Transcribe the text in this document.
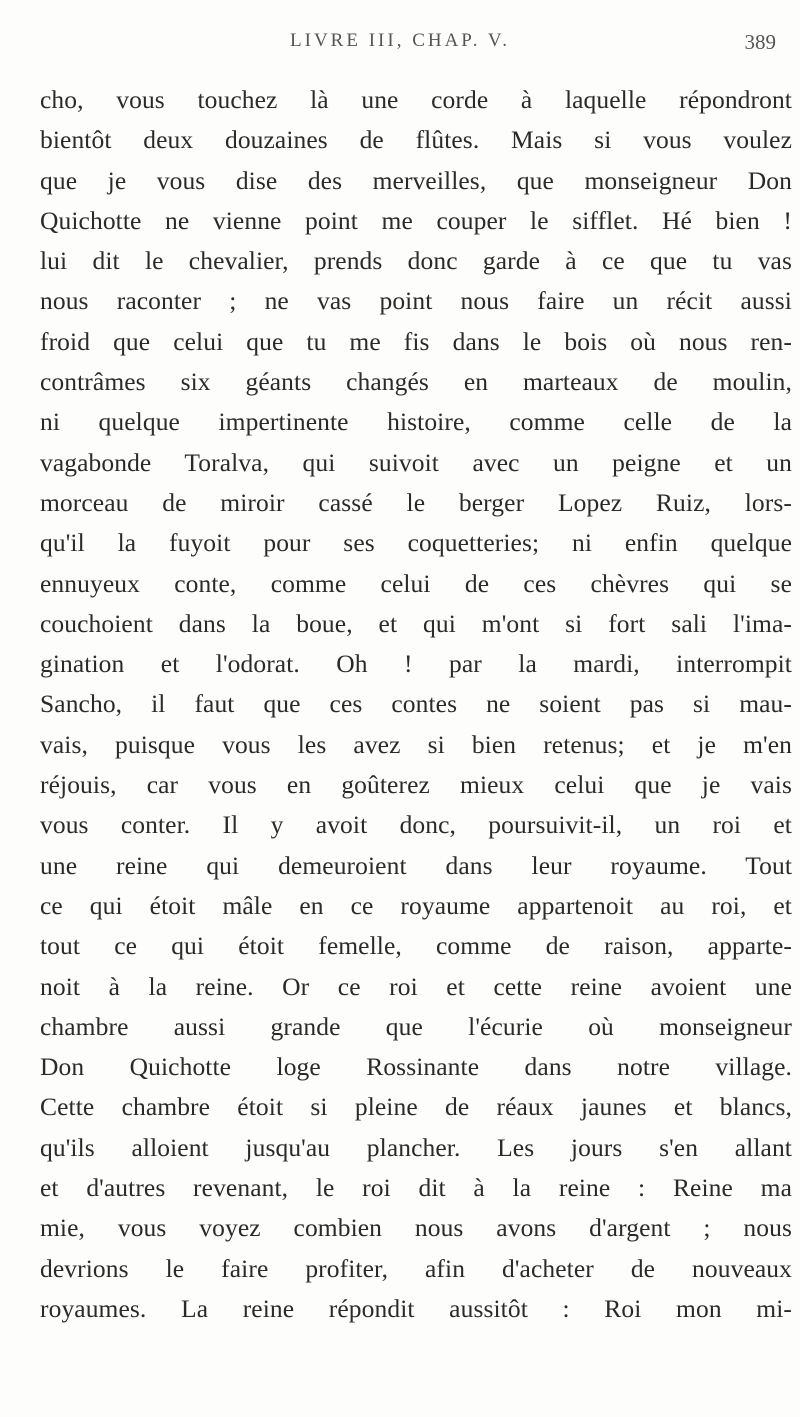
LIVRE III, CHAP. V.	389
cho, vous touchez là une corde à laquelle répondront
bientôt deux douzaines de flûtes. Mais si vous voulez
que je vous dise des merveilles, que monseigneur Don
Quichotte ne vienne point me couper le sifflet. Hé bien !
lui dit le chevalier, prends donc garde à ce que tu vas
nous raconter ; ne vas point nous faire un récit aussi
froid que celui que tu me fis dans le bois où nous ren-
contrâmes six géants changés en marteaux de moulin,
ni quelque impertinente histoire, comme celle de la
vagabonde Toralva, qui suivoit avec un peigne et un
morceau de miroir cassé le berger Lopez Ruiz, lors-
qu'il la fuyoit pour ses coquetteries; ni enfin quelque
ennuyeux conte, comme celui de ces chèvres qui se
couchoient dans la boue, et qui m'ont si fort sali l'ima-
gination et l'odorat. Oh ! par la mardi, interrompit
Sancho, il faut que ces contes ne soient pas si mau-
vais, puisque vous les avez si bien retenus; et je m'en
réjouis, car vous en goûterez mieux celui que je vais
vous conter. Il y avoit donc, poursuivit-il, un roi et
une reine qui demeuroient dans leur royaume. Tout
ce qui étoit mâle en ce royaume appartenoit au roi, et
tout ce qui étoit femelle, comme de raison, apparte-
noit à la reine. Or ce roi et cette reine avoient une
chambre aussi grande que l'écurie où monseigneur
Don Quichotte loge Rossinante dans notre village.
Cette chambre étoit si pleine de réaux jaunes et blancs,
qu'ils alloient jusqu'au plancher. Les jours s'en allant
et d'autres revenant, le roi dit à la reine : Reine ma
mie, vous voyez combien nous avons d'argent ; nous
devrions le faire profiter, afin d'acheter de nouveaux
royaumes. La reine répondit aussitôt : Roi mon mi-
